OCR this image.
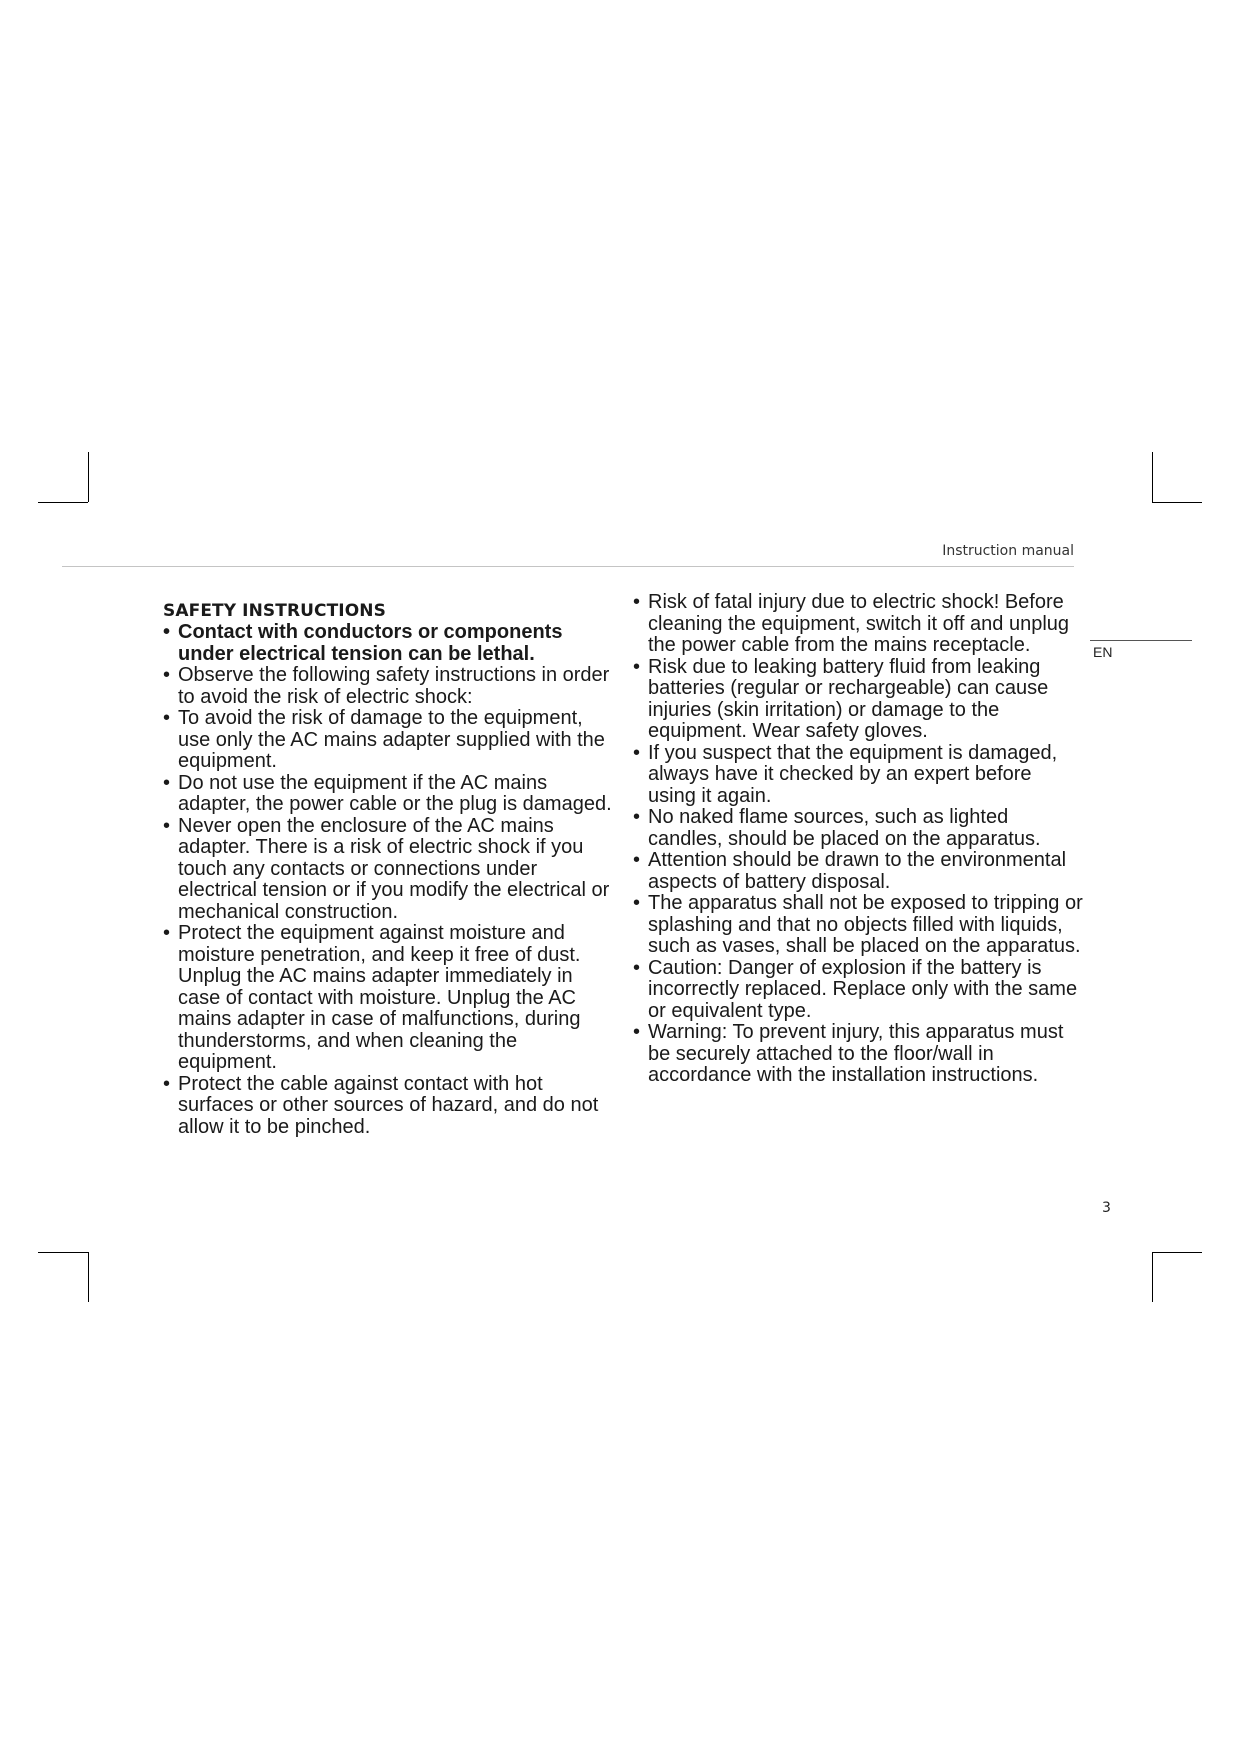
Instruction manual
EN
SAFETY INSTRUCTIONS
• Contact with conductors or components under electrical tension can be lethal.
• Observe the following safety instructions in order to avoid the risk of electric shock:
• To avoid the risk of damage to the equipment, use only the AC mains adapter supplied with the equipment.
• Do not use the equipment if the AC mains adapter, the power cable or the plug is damaged.
• Never open the enclosure of the AC mains adapter. There is a risk of electric shock if you touch any contacts or connections under electrical tension or if you modify the electrical or mechanical construction.
• Protect the equipment against moisture and moisture penetration, and keep it free of dust. Unplug the AC mains adapter immediately in case of contact with moisture. Unplug the AC mains adapter in case of malfunctions, during thunderstorms, and when cleaning the equipment.
• Protect the cable against contact with hot surfaces or other sources of hazard, and do not allow it to be pinched.
• Risk of fatal injury due to electric shock! Before cleaning the equipment, switch it off and unplug the power cable from the mains receptacle.
• Risk due to leaking battery fluid from leaking batteries (regular or rechargeable) can cause injuries (skin irritation) or damage to the equipment. Wear safety gloves.
• If you suspect that the equipment is damaged, always have it checked by an expert before using it again.
• No naked flame sources, such as lighted candles, should be placed on the apparatus.
• Attention should be drawn to the environmental aspects of battery disposal.
• The apparatus shall not be exposed to tripping or splashing and that no objects filled with liquids, such as vases, shall be placed on the apparatus.
• Caution: Danger of explosion if the battery is incorrectly replaced. Replace only with the same or equivalent type.
• Warning: To prevent injury, this apparatus must be securely attached to the floor/wall in accordance with the installation instructions.
3
